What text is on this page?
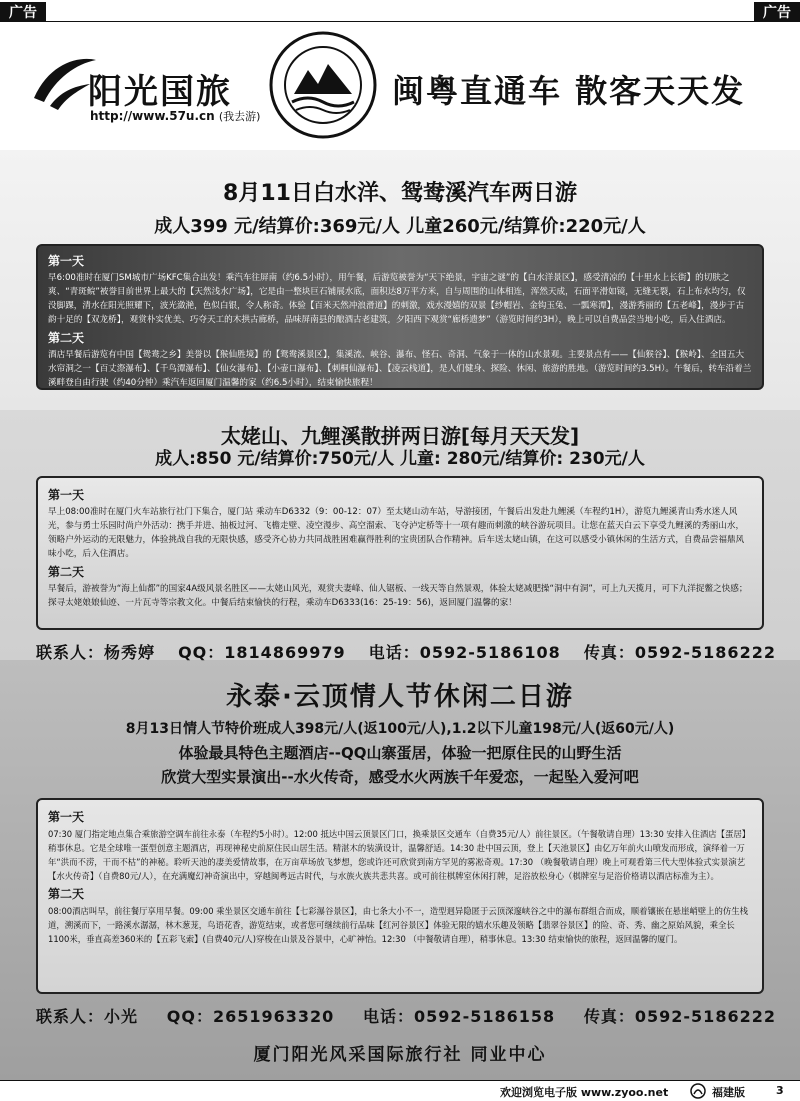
广告	广告
阳光国旅
http://www.57u.cn (我去游)
闽粤直通车 散客天天发
8月11日白水洋、鸳鸯溪汽车两日游
成人399 元/结算价:369元/人 儿童260元/结算价:220元/人
第一天

早6:00准时在厦门SM城市广场KFC集合出发！乘汽车往屏南（约6.5小时），用午餐，后游览被誉为“天下绝景，宇宙之谜”的【白水洋景区】，感受清凉的【十里水上长街】的切肤之爽、“青斑鲩”被誉目前世界上最大的【天然浅水广场】，它是由一整块巨石铺展水底，面积达8万平方米，自与周围的山体相连，浑然天成，石面平滑如镜，无缝无裂，石上布水均匀，仅没脚踝，清水在阳光照耀下，波光潋滟，色似白银，令人称奇。体验【百米天然冲浪滑道】的刺激，戏水漫嬉的双景【纱帽岩、金钩玉兔、一瓢寒潭】，漫游秀丽的【五老峰】，漫步于古韵十足的【双龙桥】，观赏朴实优美、巧夺天工的木拱古廊桥，品味屏南县的酿酒古老建筑，夕阳西下观赏“廊桥遗梦”（游览时间约3H），晚上可以自费品尝当地小吃，后入住酒店。

第二天

酒店早餐后游览有中国【鸳鸯之乡】美誉以【猴仙胜境】的【鸳鸯溪景区】，集溪流、峡谷、瀑布、怪石、奇洞、气象于一体的山水景观。主要景点有——【仙猴谷】、【猴岭】、全国五大水帘洞之一【百丈漈瀑布】、【千鸟潭瀑布】、【仙女瀑布】、【小壶口瀑布】、【刺桐仙瀑布】、【凌云栈道】，是人们健身、探险、休闲、旅游的胜地。（游览时间约3.5H）。午餐后，转车沿着兰溪畔登自由行驶（约40分钟）乘汽车返回厦门温馨的家（约6.5小时），结束愉快旅程！

太姥山、九鲤溪散拼两日游[每月天天发]
成人:850 元/结算价:750元/人 儿童: 280元/结算价: 230元/人
第一天

早上08:00准时在厦门火车站旅行社门下集合，厦门站 乘动车D6332（9：00-12：07）至太姥山动车站，导游接团，午餐后出发赴九鲤溪（车程约1H），游览九鲤溪青山秀水迷人风光，参与勇士乐园时尚户外活动：携手并进、抽板过河、飞檐走壁、凌空漫步、高空溜索、飞夺泸定桥等十一项有趣而刺激的峡谷游玩项目。让您在蓝天白云下享受九鲤溪的秀丽山水，领略户外运动的无限魅力，体验挑战自我的无限快感，感受齐心协力共同战胜困难赢得胜利的宝贵团队合作精神。后车送太姥山镇，在这可以感受小镇休闲的生活方式，自费品尝福鼎风味小吃，后入住酒店。

第二天

早餐后，游被誉为“海上仙都”的国家4A级风景名胜区——太姥山风光，观赏夫妻峰、仙人锯板、一线天等自然景观，体验太姥减肥操“洞中有洞”，可上九天揽月，可下九洋捉鳖之快感；探寻太姥娘娘仙迹、一片瓦寺等宗教文化。中餐后结束愉快的行程，乘动车D6333(16：25-19：56)，返回厦门温馨的家！

联系人：杨秀婷 QQ：1814869979 电话：0592-5186108 传真：0592-5186222
永泰·云顶情人节休闲二日游
8月13日情人节特价班成人398元/人(返100元/人),1.2以下儿童198元/人(返60元/人)
体验最具特色主题酒店--QQ山寨蛋居，体验一把原住民的山野生活
欣赏大型实景演出--水火传奇，感受水火两族千年爱恋，一起坠入爱河吧
第一天

07:30 厦门指定地点集合乘旅游空调车前往永泰（车程约5小时）。12:00 抵达中国云顶景区门口，换乘景区交通车（自费35元/人）前往景区。（午餐敬请自理）13:30 安排入住酒店【蛋居】稍事休息。它是全球唯一蛋型创意主题酒店，再现神秘史前原住民山居生活。精湛木的装潢设计，温馨舒适。14:30 赴中国云顶，登上【天池景区】由亿万年前火山喷发而形成，演绎着一万年“洪而不涝，干而不枯”的神秘。聆听天池的凄美爱情故事，在万亩草场放飞梦想，您或许还可欣赏到南方罕见的雾凇奇观。17:30 （晚餐敬请自理）晚上可观看第三代大型体验式实景演艺【水火传奇】（自费80元/人），在充满魔幻神奇演出中，穿越闽粤远古时代，与水族火族共悲共喜。或可前往棋牌室休闲打牌，足浴放松身心（棋牌室与足浴价格请以酒店标准为主）。

第二天

08:00酒店叫早，前往餐厅享用早餐。09:00 乘坐景区交通车前往【七彩瀑谷景区】，由七条大小不一，造型迥异隐匿于云顶深邃峡谷之中的瀑布群组合而成，顺着镶嵌在悬崖峭壁上的仿生栈道，溯溪而下，一路溪水潺潺，林木葱茏，鸟语花香，游览结束，或者您可继续前行品味【红河谷景区】体验无限的嬉水乐趣及领略【翡翠谷景区】的险、奇、秀、幽之原始风貌，乘全长1100米，垂直高差360米的【五彩飞索】(自费40元/人)穿梭在山景及谷景中，心旷神怡。12:30 （中餐敬请自理），稍事休息。13:30 结束愉快的旅程，返回温馨的厦门。

联系人：小光 QQ：2651963320 电话：0592-5186158 传真：0592-5186222
厦门阳光风采国际旅行社 同业中心
欢迎浏览电子版 www.zyoo.net	福建版	3
